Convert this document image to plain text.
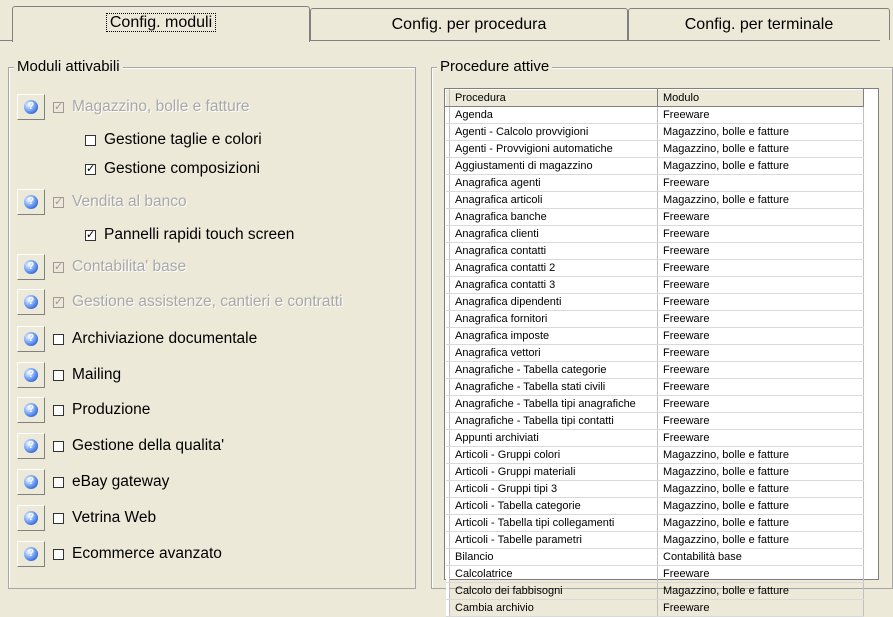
Config. moduli	Config. per procedura	Config. per terminale
Moduli attivabili
?	✓ Magazzino, bolle e fatture
Gestione taglie e colori
✓ Gestione composizioni
?	✓ Vendita al banco
✓ Pannelli rapidi touch screen
?	✓ Contabilita' base
?	✓ Gestione assistenze, cantieri e contratti
? Archiviazione documentale
? Mailing
? Produzione
? Gestione della qualita'
? eBay gateway
? Vetrina Web
? Ecommerce avanzato
Procedure attive
	Procedura	Modulo
	Agenda	Freeware
	Agenti - Calcolo provvigioni	Magazzino, bolle e fatture
	Agenti - Provvigioni automatiche	Magazzino, bolle e fatture
	Aggiustamenti di magazzino	Magazzino, bolle e fatture
	Anagrafica agenti	Freeware
	Anagrafica articoli	Magazzino, bolle e fatture
	Anagrafica banche	Freeware
	Anagrafica clienti	Freeware
	Anagrafica contatti	Freeware
	Anagrafica contatti 2	Freeware
	Anagrafica contatti 3	Freeware
	Anagrafica dipendenti	Freeware
	Anagrafica fornitori	Freeware
	Anagrafica imposte	Freeware
	Anagrafica vettori	Freeware
	Anagrafiche - Tabella categorie	Freeware
	Anagrafiche - Tabella stati civili	Freeware
	Anagrafiche - Tabella tipi anagrafiche	Freeware
	Anagrafiche - Tabella tipi contatti	Freeware
	Appunti archiviati	Freeware
	Articoli - Gruppi colori	Magazzino, bolle e fatture
	Articoli - Gruppi materiali	Magazzino, bolle e fatture
	Articoli - Gruppi tipi 3	Magazzino, bolle e fatture
	Articoli - Tabella categorie	Magazzino, bolle e fatture
	Articoli - Tabella tipi collegamenti	Magazzino, bolle e fatture
	Articoli - Tabelle parametri	Magazzino, bolle e fatture
	Bilancio	Contabilità base
	Calcolatrice	Freeware
	Calcolo dei fabbisogni	Magazzino, bolle e fatture
	Cambia archivio	Freeware
